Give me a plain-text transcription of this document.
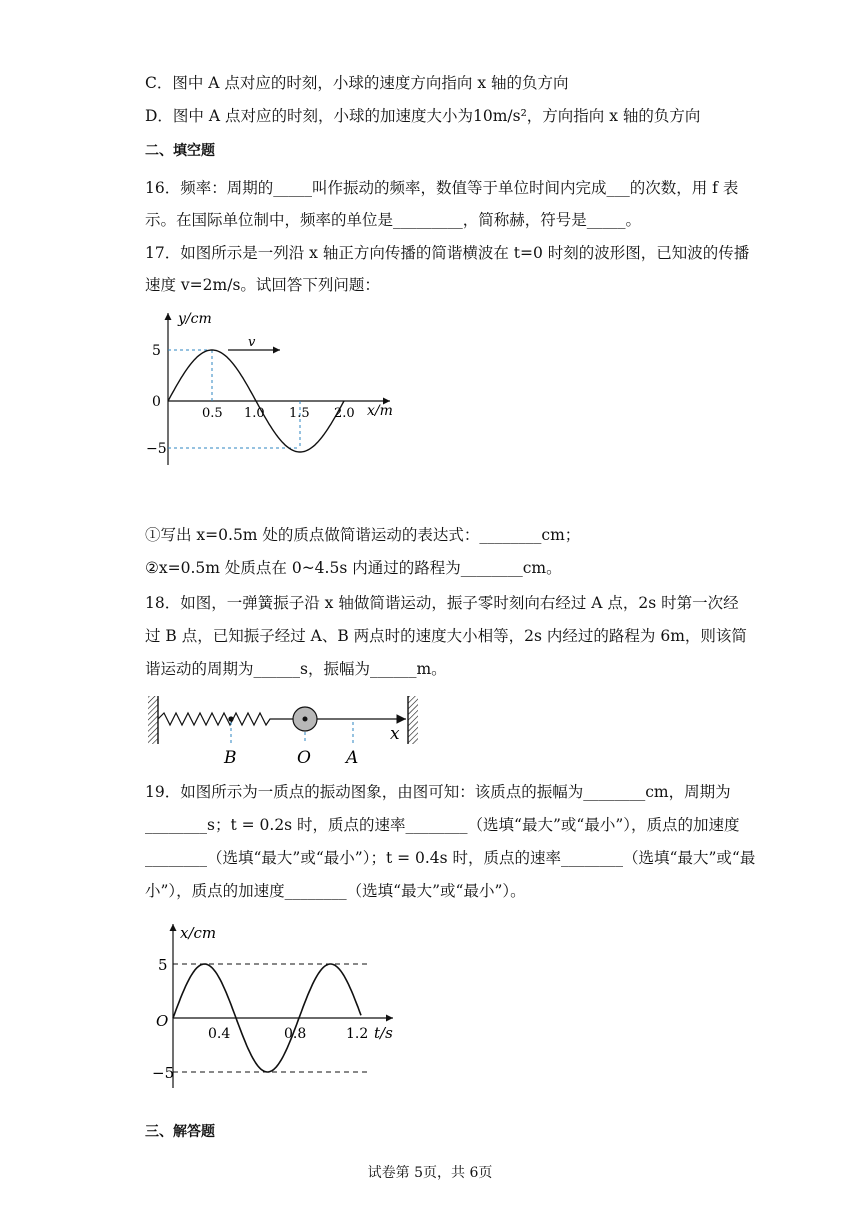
C．图中 A 点对应的时刻，小球的速度方向指向 x 轴的负方向
D．图中 A 点对应的时刻，小球的加速度大小为10m/s²，方向指向 x 轴的负方向
二、填空题
16．频率：周期的_____叫作振动的频率，数值等于单位时间内完成___的次数，用 f 表
示。在国际单位制中，频率的单位是_________，简称赫，符号是_____。
17．如图所示是一列沿 x 轴正方向传播的简谐横波在 t=0 时刻的波形图，已知波的传播
速度 v=2m/s。试回答下列问题：
v
y/cm
x/m
5
0
−5
0.5 1.0 1.5 2.0
①写出 x=0.5m 处的质点做简谐运动的表达式：________cm；
②x=0.5m 处质点在 0~4.5s 内通过的路程为________cm。
18．如图，一弹簧振子沿 x 轴做简谐运动，振子零时刻向右经过 A 点，2s 时第一次经
过 B 点，已知振子经过 A、B 两点时的速度大小相等，2s 内经过的路程为 6m，则该简
谐运动的周期为______s，振幅为______m。
B	O A
x
19．如图所示为一质点的振动图象，由图可知：该质点的振幅为________cm，周期为
________s；t = 0.2s 时，质点的速率________（选填“最大”或“最小”），质点的加速度
________（选填“最大”或“最小”）；t = 0.4s 时，质点的速率________（选填“最大”或“最
小”），质点的加速度________（选填“最大”或“最小”）。
x/cm
t/s
O
5
−5
0.4	0.8	1.2
三、解答题
试卷第 5页，共 6页
